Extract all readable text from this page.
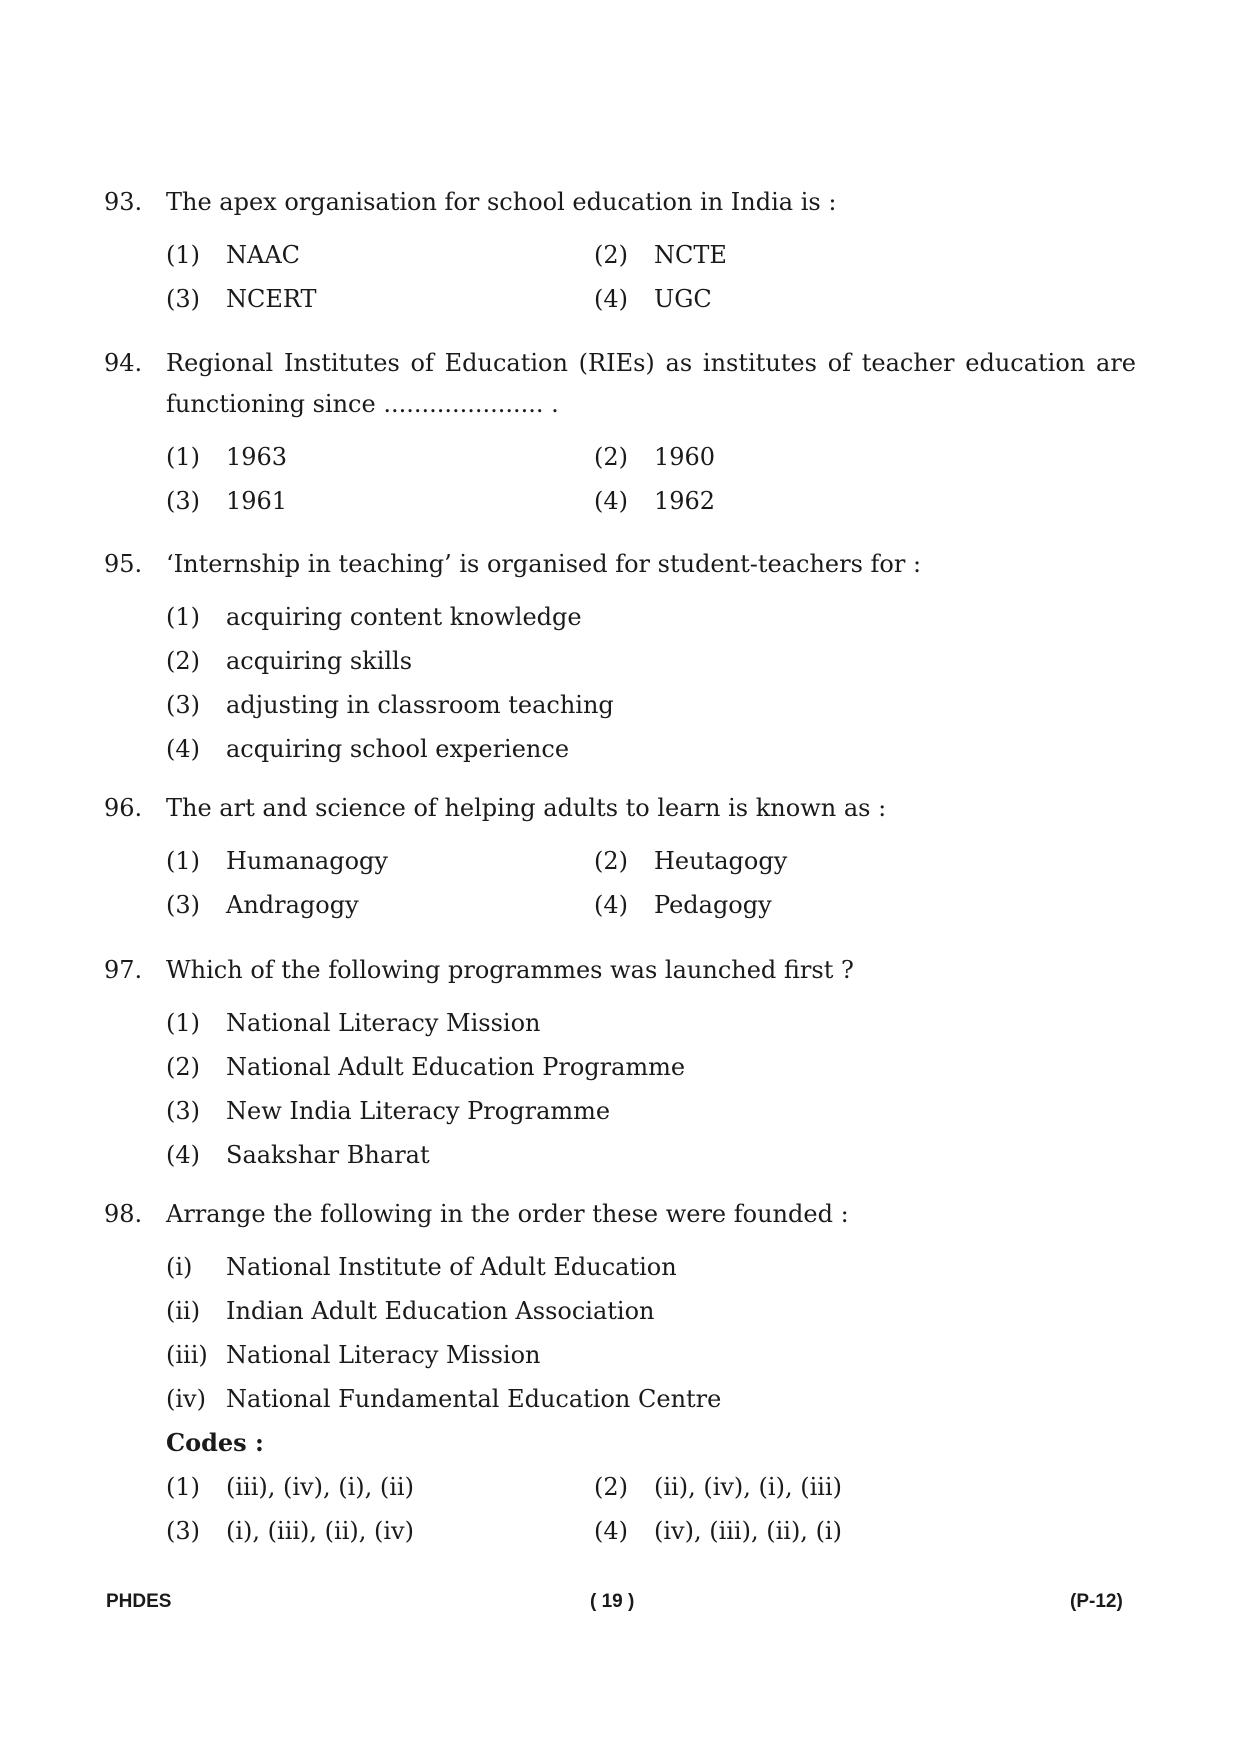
93. The apex organisation for school education in India is :
(1)	NAAC	(2)	NCTE
(3)	NCERT	(4)	UGC
94. Regional Institutes of Education (RIEs) as institutes of teacher education are functioning since ..................... .
(1)	1963	(2)	1960
(3)	1961	(4)	1962
95. ‘Internship in teaching’ is organised for student-teachers for :
(1)	acquiring content knowledge
(2)	acquiring skills
(3)	adjusting in classroom teaching
(4)	acquiring school experience
96. The art and science of helping adults to learn is known as :
(1)	Humanagogy	(2)	Heutagogy
(3)	Andragogy	(4)	Pedagogy
97. Which of the following programmes was launched first ?
(1)	National Literacy Mission
(2)	National Adult Education Programme
(3)	New India Literacy Programme
(4)	Saakshar Bharat
98. Arrange the following in the order these were founded :
(i)	National Institute of Adult Education
(ii)	Indian Adult Education Association
(iii) National Literacy Mission
(iv) National Fundamental Education Centre
Codes :
(1)	(iii), (iv), (i), (ii)	(2)	(ii), (iv), (i), (iii)
(3)	(i), (iii), (ii), (iv)	(4)	(iv), (iii), (ii), (i)
PHDES	( 19 )	(P-12)
